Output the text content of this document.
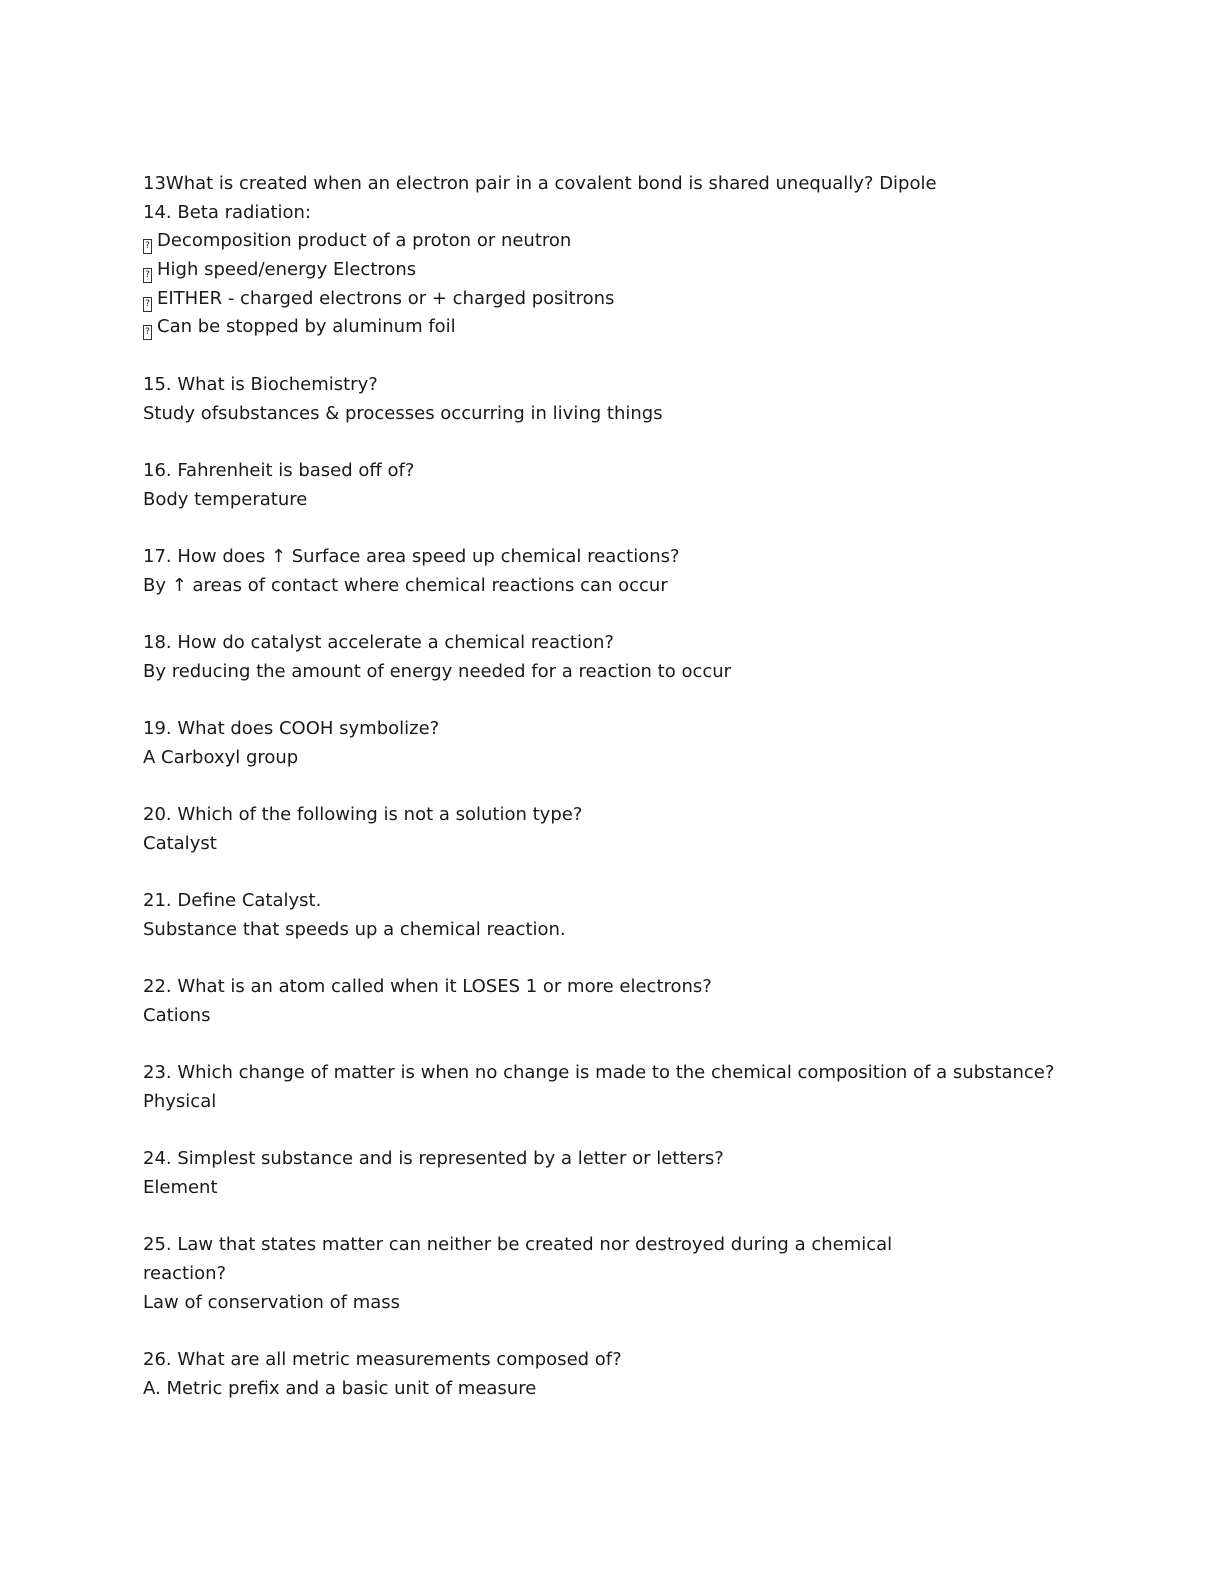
13What is created when an electron pair in a covalent bond is shared unequally? Dipole
14. Beta radiation:
? Decomposition product of a proton or neutron
? High speed/energy Electrons
? EITHER - charged electrons or + charged positrons
? Can be stopped by aluminum foil
15. What is Biochemistry?
Study ofsubstances & processes occurring in living things
16. Fahrenheit is based off of?
Body temperature
17. How does ↑ Surface area speed up chemical reactions?
By ↑ areas of contact where chemical reactions can occur
18. How do catalyst accelerate a chemical reaction?
By reducing the amount of energy needed for a reaction to occur
19. What does COOH symbolize?
A Carboxyl group
20. Which of the following is not a solution type?
Catalyst
21. Define Catalyst.
Substance that speeds up a chemical reaction.
22. What is an atom called when it LOSES 1 or more electrons?
Cations
23. Which change of matter is when no change is made to the chemical composition of a substance?
Physical
24. Simplest substance and is represented by a letter or letters?
Element
25. Law that states matter can neither be created nor destroyed during a chemical
reaction?
Law of conservation of mass
26. What are all metric measurements composed of?
A. Metric prefix and a basic unit of measure
